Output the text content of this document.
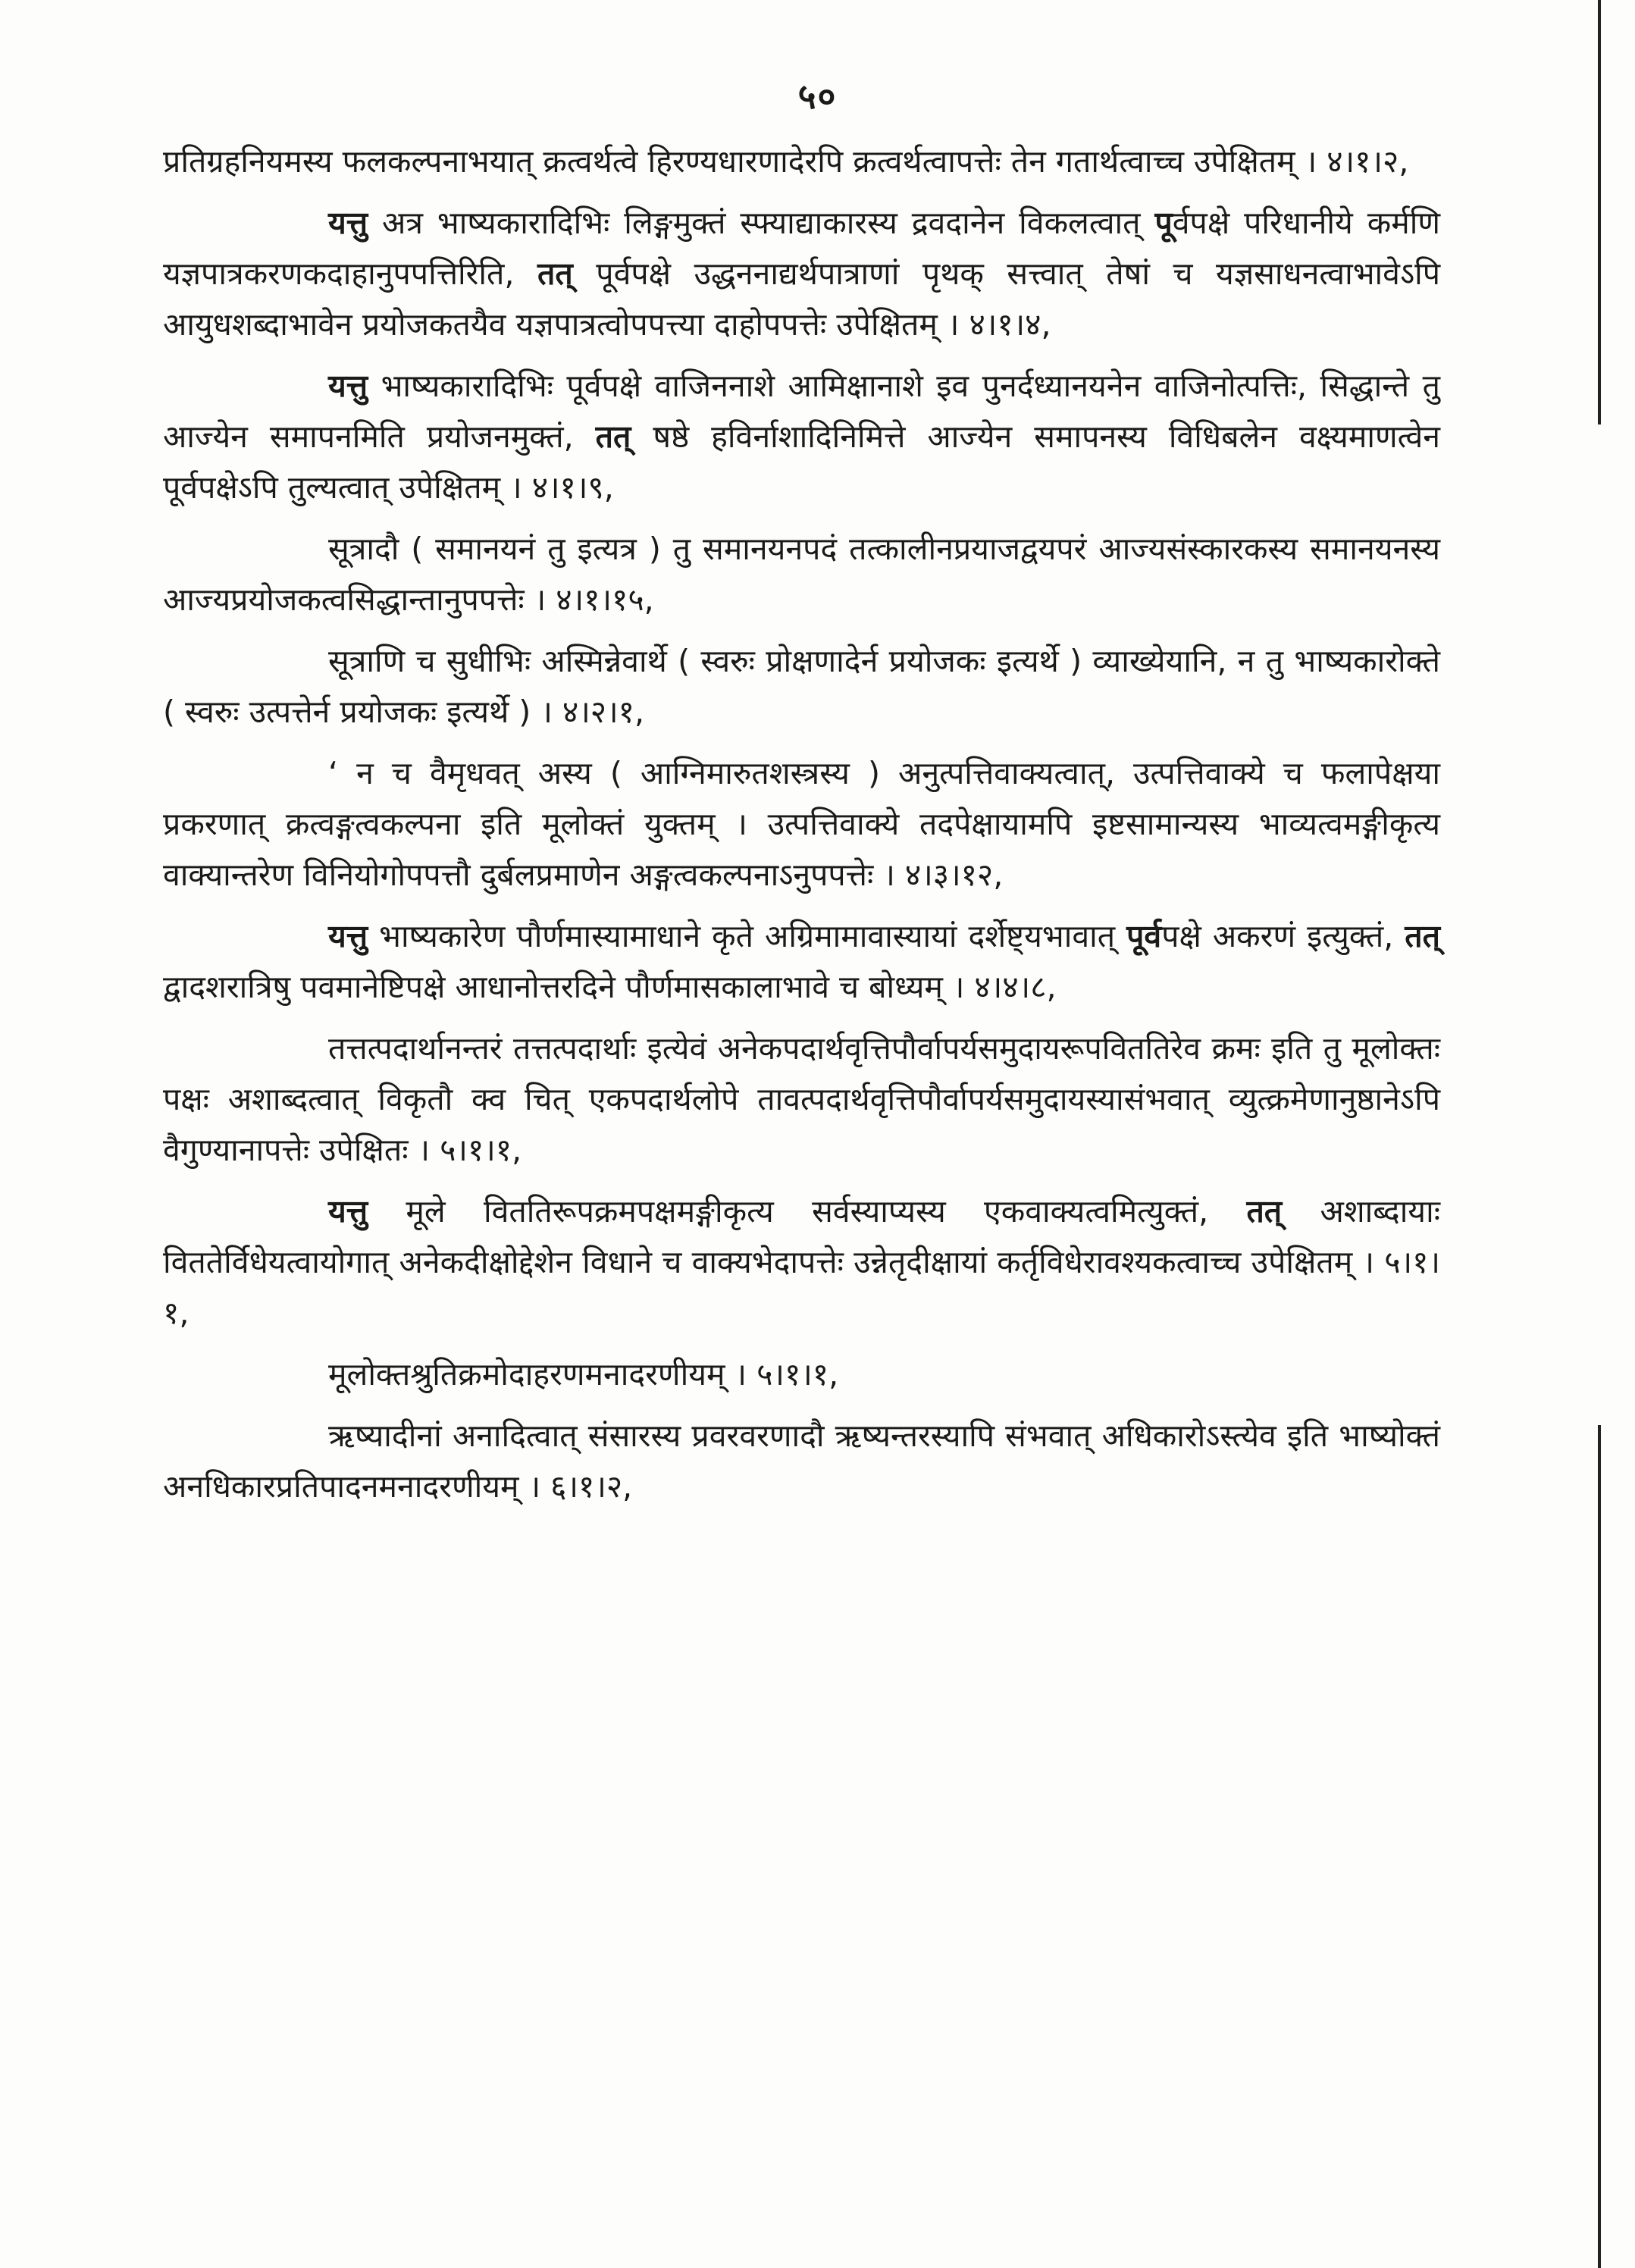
५०

प्रतिग्रहनियमस्य फलकल्पनाभयात् क्रत्वर्थत्वे हिरण्यधारणादेरपि क्रत्वर्थत्वापत्तेः तेन गतार्थत्वाच्च उपेक्षितम् । ४।१।२,

यत्तु अत्र भाष्यकारादिभिः लिङ्गमुक्तं स्फ्याद्याकारस्य द्रवदानेन विकलत्वात् पूर्वपक्षे परिधानीये कर्मणि यज्ञपात्रकरणकदाहानुपपत्तिरिति, तत् पूर्वपक्षे उद्धननाद्यर्थपात्राणां पृथक् सत्त्वात् तेषां च यज्ञसाधनत्वाभावेऽपि आयुधशब्दाभावेन प्रयोजकतयैव यज्ञपात्रत्वोपपत्त्या दाहोपपत्तेः उपेक्षितम् । ४।१।४,

यत्तु भाष्यकारादिभिः पूर्वपक्षे वाजिननाशे आमिक्षानाशे इव पुनर्दध्यानयनेन वाजिनोत्पत्तिः, सिद्धान्ते तु आज्येन समापनमिति प्रयोजनमुक्तं, तत् षष्ठे हविर्नाशादिनिमित्ते आज्येन समापनस्य विधिबलेन वक्ष्यमाणत्वेन पूर्वपक्षेऽपि तुल्यत्वात् उपेक्षितम् । ४।१।९,

सूत्रादौ ( समानयनं तु इत्यत्र ) तु समानयनपदं तत्कालीनप्रयाजद्वयपरं आज्यसंस्कारकस्य समानयनस्य आज्यप्रयोजकत्वसिद्धान्तानुपपत्तेः । ४।१।१५,

सूत्राणि च सुधीभिः अस्मिन्नेवार्थे ( स्वरुः प्रोक्षणादेर्न प्रयोजकः इत्यर्थे ) व्याख्येयानि, न तु भाष्यकारोक्ते ( स्वरुः उत्पत्तेर्न प्रयोजकः इत्यर्थे ) । ४।२।१,

‘ न च वैमृधवत् अस्य ( आग्निमारुतशस्त्रस्य ) अनुत्पत्तिवाक्यत्वात्, उत्पत्तिवाक्ये च फलापेक्षया प्रकरणात् क्रत्वङ्गत्वकल्पना इति मूलोक्तं युक्तम् । उत्पत्तिवाक्ये तदपेक्षायामपि इष्टसामान्यस्य भाव्यत्वमङ्गीकृत्य वाक्यान्तरेण विनियोगोपपत्तौ दुर्बलप्रमाणेन अङ्गत्वकल्पनाऽनुपपत्तेः । ४।३।१२,

यत्तु भाष्यकारेण पौर्णमास्यामाधाने कृते अग्रिमामावास्यायां दर्शेष्ट्यभावात् पूर्वपक्षे अकरणं इत्युक्तं, तत् द्वादशरात्रिषु पवमानेष्टिपक्षे आधानोत्तरदिने पौर्णमासकालाभावे च बोध्यम् । ४।४।८,

तत्तत्पदार्थानन्तरं तत्तत्पदार्थाः इत्येवं अनेकपदार्थवृत्तिपौर्वापर्यसमुदायरूपविततिरेव क्रमः इति तु मूलोक्तः पक्षः अशाब्दत्वात् विकृतौ क्व चित् एकपदार्थलोपे तावत्पदार्थवृत्तिपौर्वापर्यसमुदायस्यासंभवात् व्युत्क्रमेणानुष्ठानेऽपि वैगुण्यानापत्तेः उपेक्षितः । ५।१।१,

यत्तु मूले विततिरूपक्रमपक्षमङ्गीकृत्य सर्वस्याप्यस्य एकवाक्यत्वमित्युक्तं, तत् अशाब्दायाः विततेर्विधेयत्वायोगात् अनेकदीक्षोद्देशेन विधाने च वाक्यभेदापत्तेः उन्नेतृदीक्षायां कर्तृविधेरावश्यकत्वाच्च उपेक्षितम् । ५।१।१,

मूलोक्तश्रुतिक्रमोदाहरणमनादरणीयम् । ५।१।१,

ऋष्यादीनां अनादित्वात् संसारस्य प्रवरवरणादौ ऋष्यन्तरस्यापि संभवात् अधिकारोऽस्त्येव इति भाष्योक्तं अनधिकारप्रतिपादनमनादरणीयम् । ६।१।२,
